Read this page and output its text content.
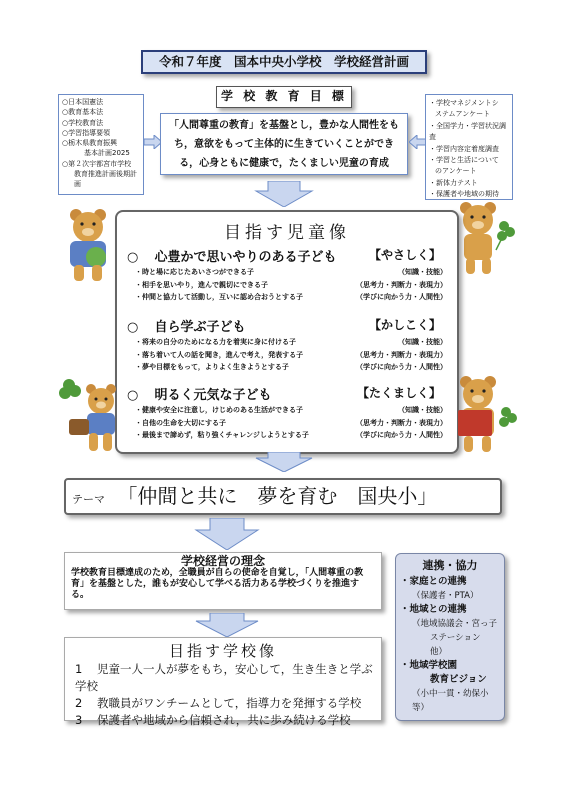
令和７年度　国本中央小学校　学校経営計画
学 校 教 育 目 標
○日本国憲法
○教育基本法
○学校教育法
○学習指導要領
○栃木県教育振興
基本計画2025
○第２次宇都宮市学校
教育推進計画後期計画
「人間尊重の教育」を基盤とし，豊かな人間性をもち，意欲をもって主体的に生きていくことができる，心身ともに健康で，たくましい児童の育成
・学校マネジメントシ
ステムアンケート
・全国学力・学習状況調査
・学習内容定着度調査
・学習と生活について
のアンケート
・新体力テスト
・保護者や地域の期待
目指す児童像
○ 心豊かで思いやりのある子ども	【やさしく】
・時と場に応じたあいさつができる子	（知識・技能）
・相手を思いやり，進んで親切にできる子	（思考力・判断力・表現力）
・仲間と協力して活動し，互いに認め合おうとする子	（学びに向かう力・人間性）
○ 自ら学ぶ子ども	【かしこく】
・将来の自分のためになる力を着実に身に付ける子	（知識・技能）
・落ち着いて人の話を聞き，進んで考え，発表する子	（思考力・判断力・表現力）
・夢や目標をもって，よりよく生きようとする子	（学びに向かう力・人間性）
○ 明るく元気な子ども	【たくましく】
・健康や安全に注意し，けじめのある生活ができる子	（知識・技能）
・自他の生命を大切にする子	（思考力・判断力・表現力）
・最後まで諦めず，粘り強くチャレンジしようとする子	（学びに向かう力・人間性）
テーマ 「仲間と共に　夢を育む　国央小」
学校経営の理念
学校教育目標達成のため，全職員が自らの使命を自覚し，「人間尊重の教育」を基盤とした，誰もが安心して学べる活力ある学校づくりを推進する。
目指す学校像
1 児童一人一人が夢をもち，安心して，生き生きと学ぶ学校
2 教職員がワンチームとして，指導力を発揮する学校
3 保護者や地域から信頼され，共に歩み続ける学校
連携・協力
・家庭との連携
（保護者・PTA）
・地域との連携
（地域協議会・宮っ子
ステーション　他）
・地域学校園
教育ビジョン
（小中一貫・幼保小等）
